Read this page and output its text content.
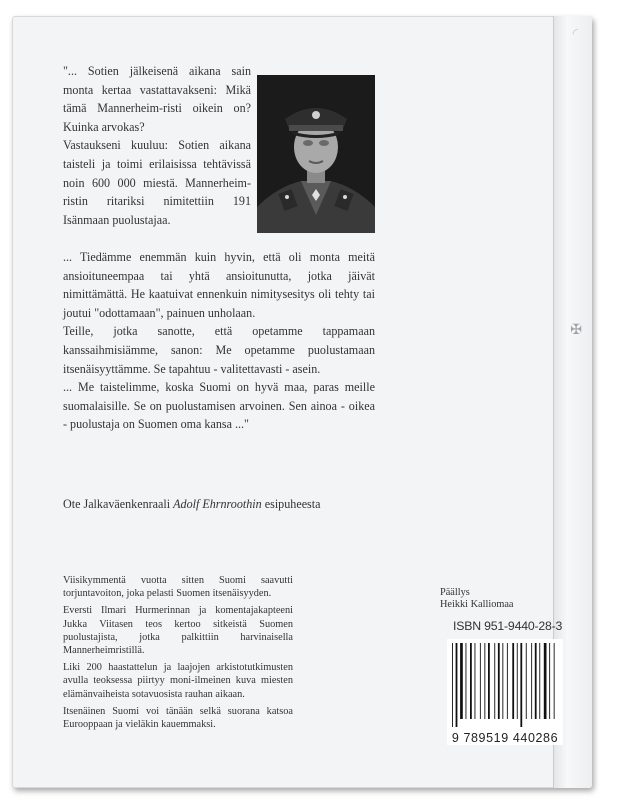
◜
✠

"... Sotien jälkeisenä aikana sain monta kertaa vastattavakseni: Mikä tämä Mannerheim-risti oikein on? Kuinka arvokas?

Vastaukseni kuuluu: Sotien aikana taisteli ja toimi erilaisissa tehtävissä noin 600 000 miestä. Mannerheim-ristin ritariksi nimitettiin 191 Isänmaan puolustajaa.

... Tiedämme enemmän kuin hyvin, että oli monta meitä ansioituneempaa tai yhtä ansioitunutta, jotka jäivät nimittämättä. He kaatuivat ennenkuin nimitysesitys oli tehty tai joutui "odottamaan", painuen unholaan.

Teille, jotka sanotte, että opetamme tappamaan kanssaihmisiämme, sanon: Me opetamme puolustamaan itsenäisyyttämme. Se tapahtuu - valitettavasti - asein.

... Me taistelimme, koska Suomi on hyvä maa, paras meille suomalaisille. Se on puolustamisen arvoinen. Sen ainoa - oikea - puolustaja on Suomen oma kansa ..."

Ote Jalkaväenkenraali Adolf Ehrnroothin esipuheesta

Viisikymmentä vuotta sitten Suomi saavutti torjuntavoiton, joka pelasti Suomen itsenäisyyden.

Eversti Ilmari Hurmerinnan ja komentajakapteeni Jukka Viitasen teos kertoo sitkeistä Suomen puolustajista, jotka palkittiin harvinaisella Mannerheimristillä.

Liki 200 haastattelun ja laajojen arkistotutkimusten avulla teoksessa piirtyy moni-ilmeinen kuva miesten elämänvaiheista sotavuosista rauhan aikaan.

Itsenäinen Suomi voi tänään selkä suorana katsoa Eurooppaan ja vieläkin kauemmaksi.

Päällys
Heikki Kalliomaa
ISBN 951-9440-28-3
9 789519 440286
